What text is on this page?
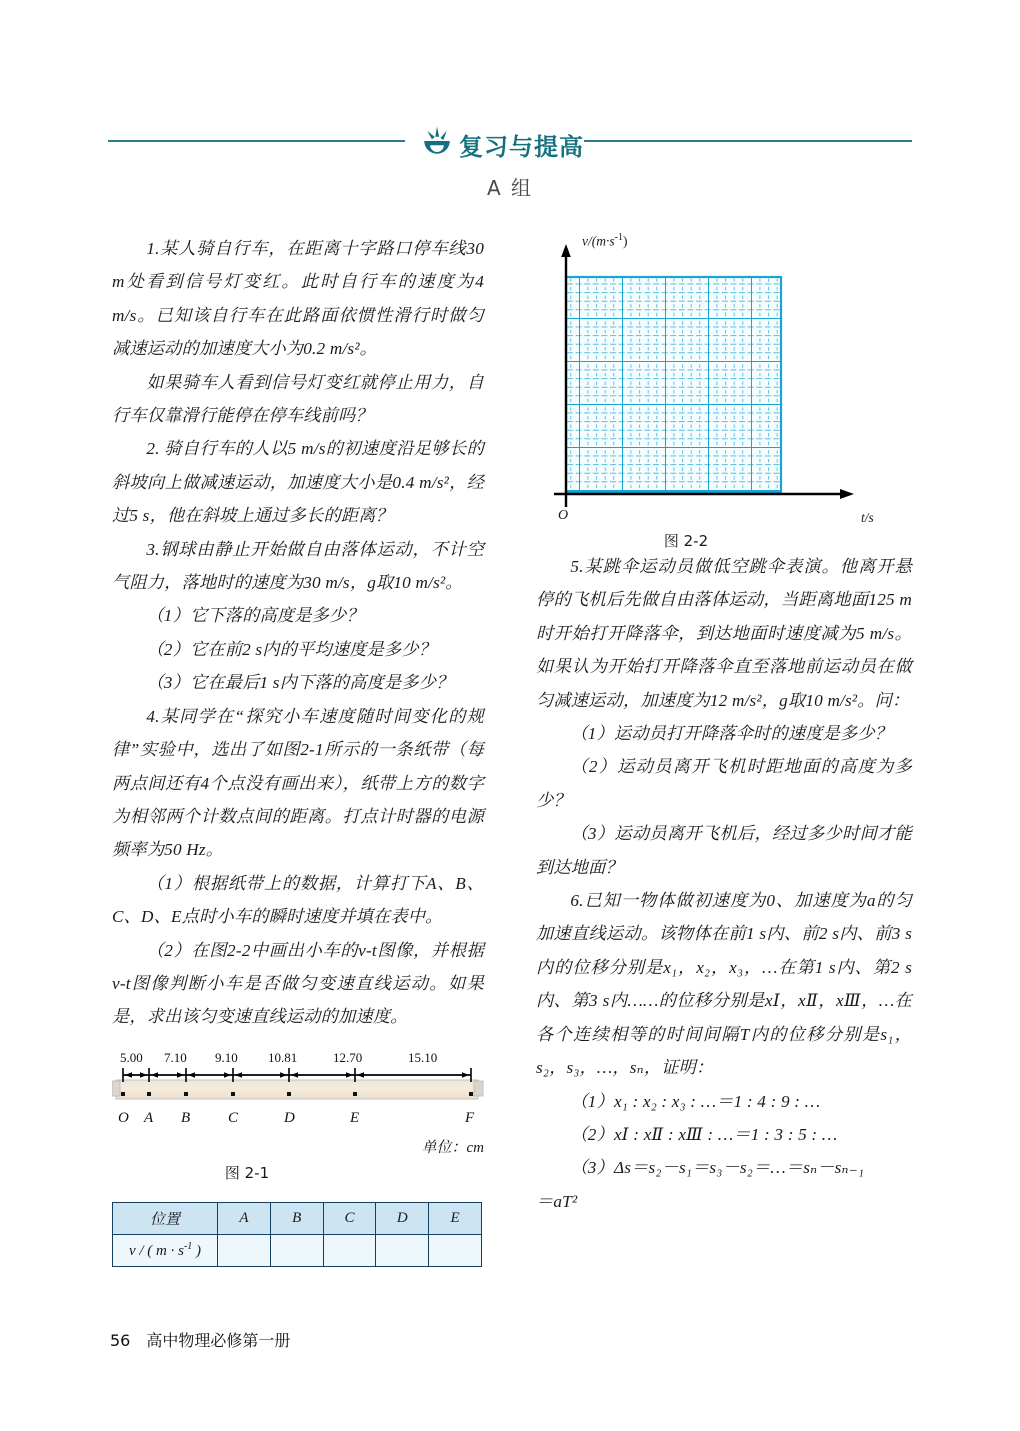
复习与提高
A 组

1.某人骑自行车，在距离十字路口停车线30 m处看到信号灯变红。此时自行车的速度为4 m/s。已知该自行车在此路面依惯性滑行时做匀减速运动的加速度大小为0.2 m/s²。

如果骑车人看到信号灯变红就停止用力，自行车仅靠滑行能停在停车线前吗？

2. 骑自行车的人以5 m/s的初速度沿足够长的斜坡向上做减速运动，加速度大小是0.4 m/s²，经过5 s，他在斜坡上通过多长的距离？

3.钢球由静止开始做自由落体运动，不计空气阻力，落地时的速度为30 m/s，g取10 m/s²。

（1）它下落的高度是多少？

（2）它在前2 s内的平均速度是多少？

（3）它在最后1 s内下落的高度是多少？

4.某同学在“探究小车速度随时间变化的规律”实验中，选出了如图2-1所示的一条纸带（每两点间还有4个点没有画出来），纸带上方的数字为相邻两个计数点间的距离。打点计时器的电源频率为50 Hz。

（1）根据纸带上的数据，计算打下A、B、C、D、E点时小车的瞬时速度并填在表中。

（2）在图2-2中画出小车的v-t图像，并根据v-t图像判断小车是否做匀变速直线运动。如果是，求出该匀变速直线运动的加速度。

5.00 7.10 9.10 10.81	12.70	15.10
O A B	C	D	E	F
单位：cm
图 2-1
位置	A	B	C	D	E
v / ( $m \cdot s^{-1}$ )					
$v/(m\cdot s^{-1})$
t/s
O
图 2-2

5.某跳伞运动员做低空跳伞表演。他离开悬停的飞机后先做自由落体运动，当距离地面125 m时开始打开降落伞，到达地面时速度减为5 m/s。如果认为开始打开降落伞直至落地前运动员在做匀减速运动，加速度为12 m/s²，g取10 m/s²。问：

（1）运动员打开降落伞时的速度是多少？

（2）运动员离开飞机时距地面的高度为多少？

（3）运动员离开飞机后，经过多少时间才能到达地面？

6.已知一物体做初速度为0、加速度为a的匀加速直线运动。该物体在前1 s内、前2 s内、前3 s内的位移分别是x₁，x₂，x₃，…在第1 s内、第2 s内、第3 s内……的位移分别是xⅠ，xⅡ，xⅢ，…在各个连续相等的时间间隔T内的位移分别是s₁，s₂，s₃，…，sₙ，证明：

（1）x₁ : x₂ : x₃ : …＝1 : 4 : 9 : …

（2）xⅠ : xⅡ : xⅢ : …＝1 : 3 : 5 : …

（3）Δs＝s₂－s₁＝s₃－s₂＝…＝sₙ－sₙ₋₁

＝aT²

56 高中物理必修第一册
